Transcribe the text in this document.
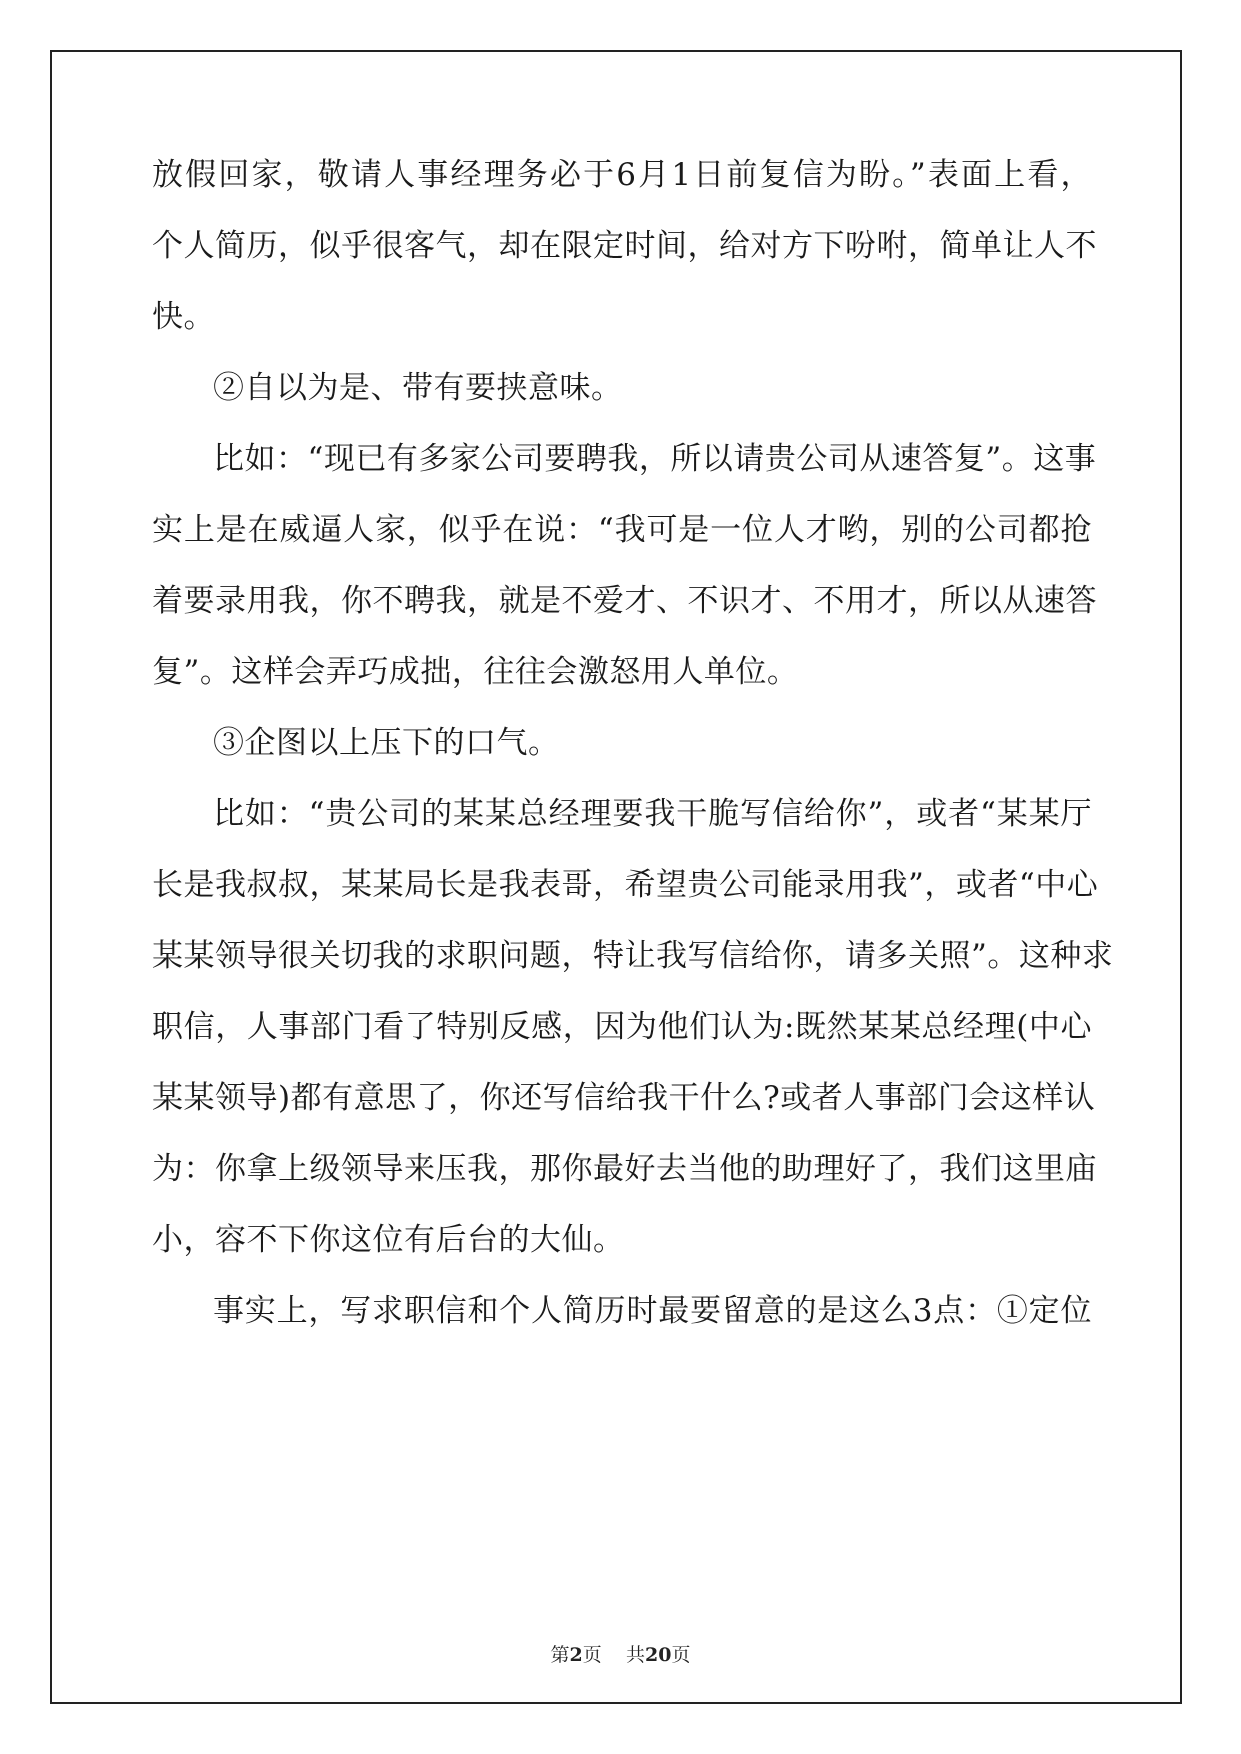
放假回家，敬请人事经理务必于6月1日前复信为盼。”表面上看，
个人简历，似乎很客气，却在限定时间，给对方下吩咐，简单让人不
快。
②自以为是、带有要挟意味。
比如：“现已有多家公司要聘我，所以请贵公司从速答复”。这事
实上是在威逼人家，似乎在说：“我可是一位人才哟，别的公司都抢
着要录用我，你不聘我，就是不爱才、不识才、不用才，所以从速答
复”。这样会弄巧成拙，往往会激怒用人单位。
③企图以上压下的口气。
比如：“贵公司的某某总经理要我干脆写信给你”，或者“某某厅
长是我叔叔，某某局长是我表哥，希望贵公司能录用我”，或者“中心
某某领导很关切我的求职问题，特让我写信给你，请多关照”。这种求
职信，人事部门看了特别反感，因为他们认为:既然某某总经理(中心
某某领导)都有意思了，你还写信给我干什么?或者人事部门会这样认
为：你拿上级领导来压我，那你最好去当他的助理好了，我们这里庙
小，容不下你这位有后台的大仙。
事实上，写求职信和个人简历时最要留意的是这么3点：①定位
第2页 共20页
